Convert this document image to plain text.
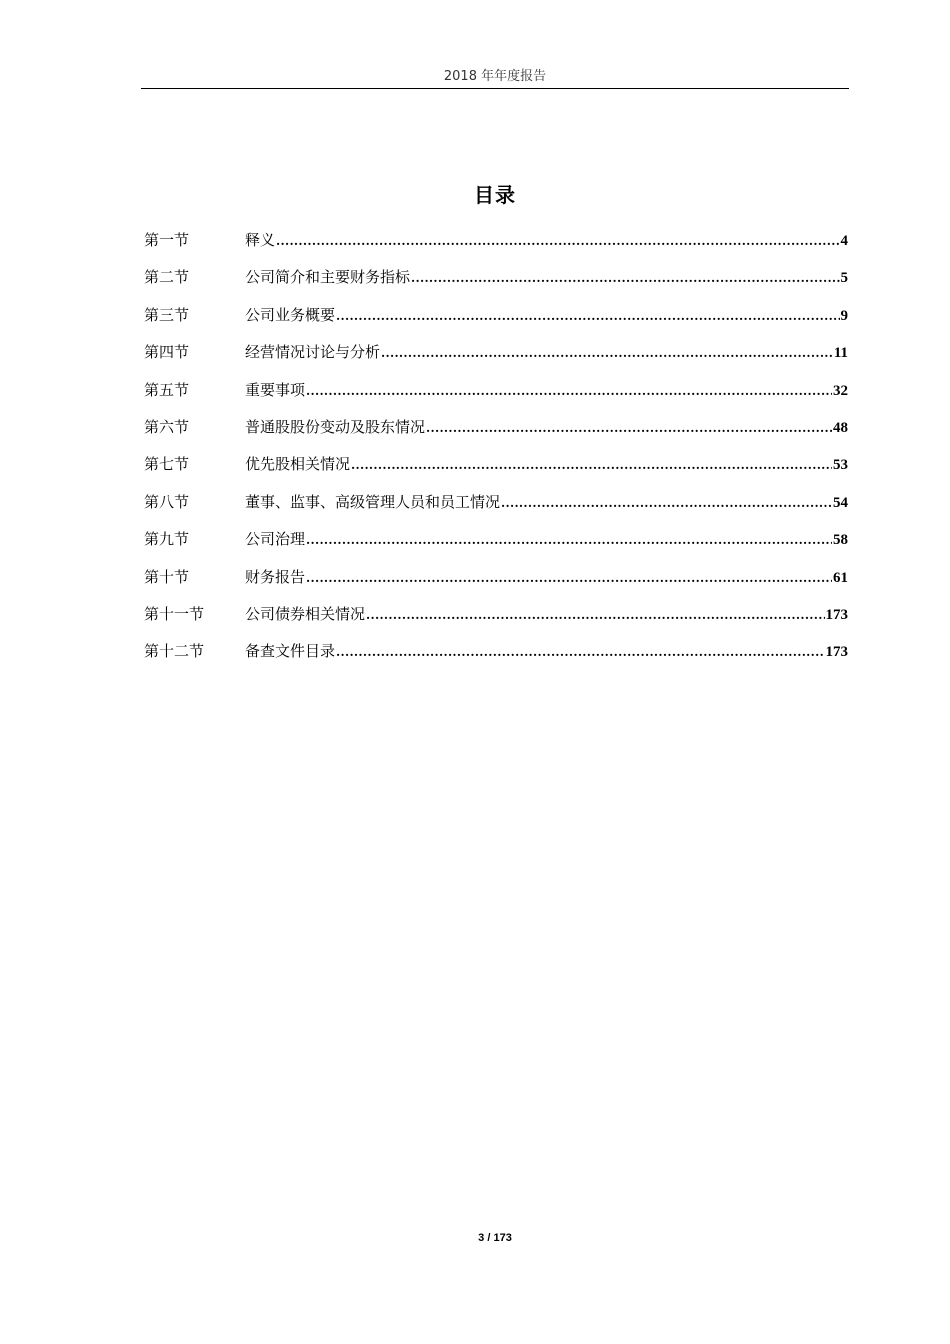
2018 年年度报告
目录
第一节	释义 .....	4
第二节	公司简介和主要财务指标 .....	5
第三节	公司业务概要 .....	9
第四节	经营情况讨论与分析 .....	11
第五节	重要事项 .....	32
第六节	普通股股份变动及股东情况 .....	48
第七节	优先股相关情况 .....	53
第八节	董事、监事、高级管理人员和员工情况 .....	54
第九节	公司治理 .....	58
第十节	财务报告 .....	61
第十一节	公司债券相关情况 .....	173
第十二节	备查文件目录 .....	173
3 / 173
